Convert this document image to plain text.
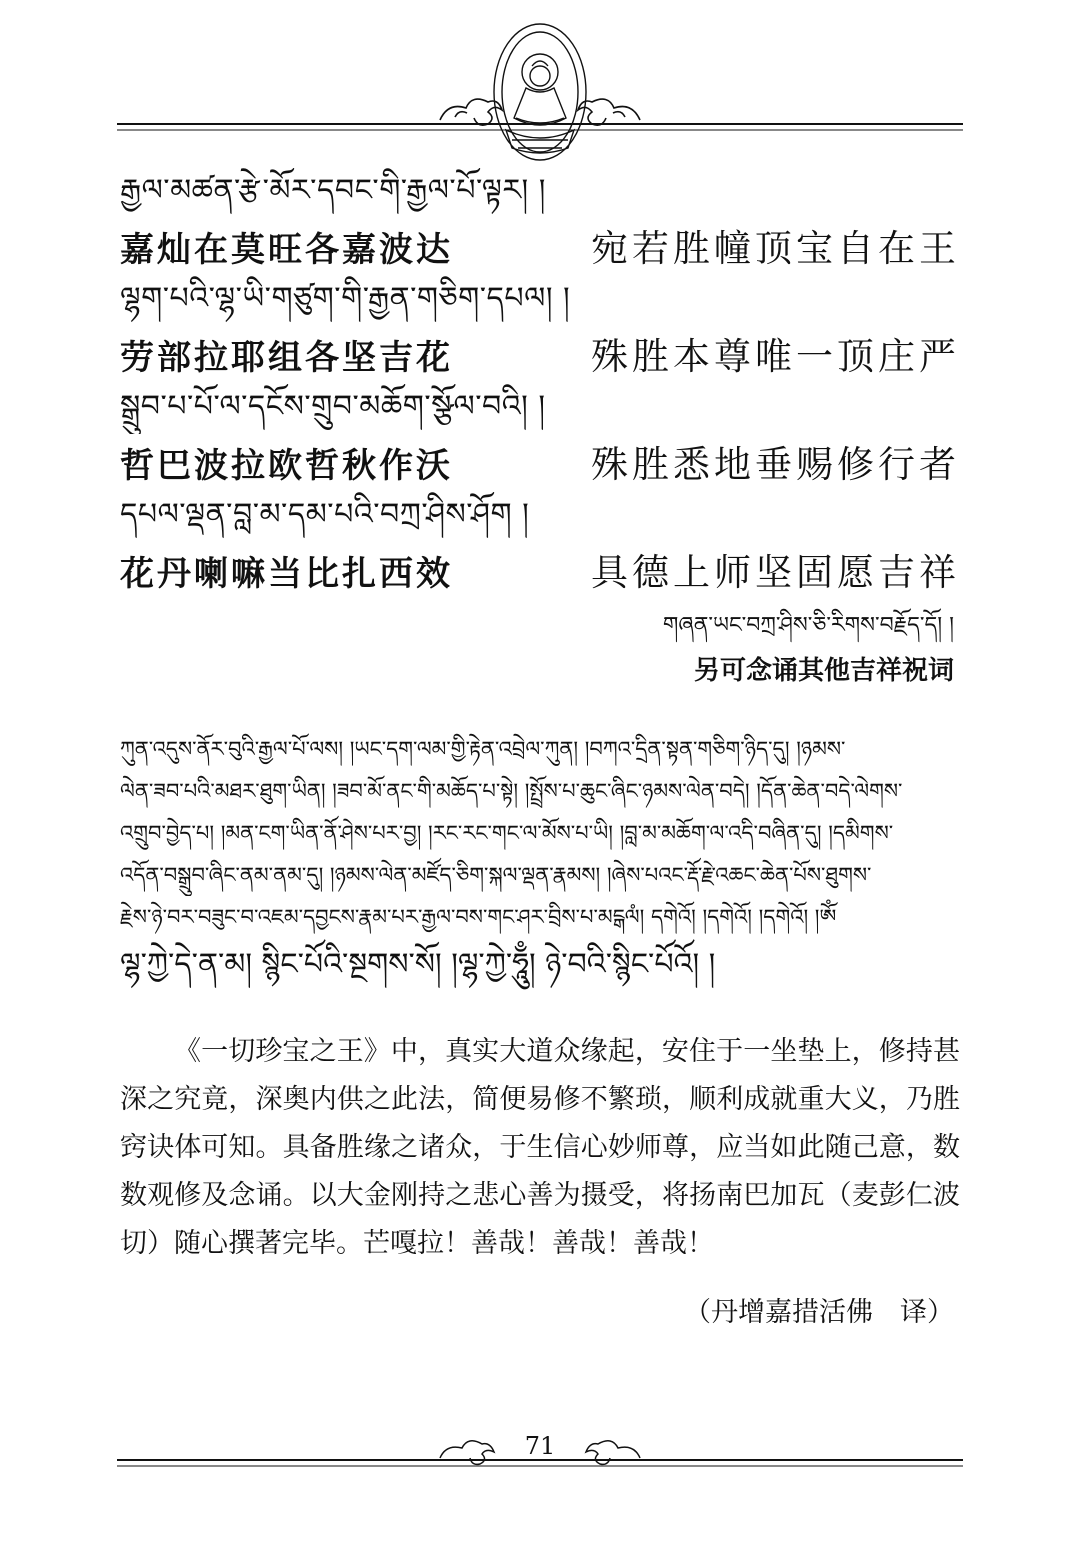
རྒྱལ་མཚན་རྩེ་མོར་དབང་གི་རྒྱལ་པོ་ལྟར། །
嘉灿在莫旺各嘉波达	宛若胜幢顶宝自在王
ལྷག་པའི་ལྷ་ཡི་གཙུག་གི་རྒྱན་གཅིག་དཔལ། །
劳部拉耶组各坚吉花	殊胜本尊唯一顶庄严
སྒྲུབ་པ་པོ་ལ་དངོས་གྲུབ་མཆོག་སྩོལ་བའི། །
哲巴波拉欧哲秋作沃	殊胜悉地垂赐修行者
དཔལ་ལྡན་བླ་མ་དམ་པའི་བཀྲ་ཤིས་ཤོག །
花丹喇嘛当比扎西效	具德上师坚固愿吉祥
གཞན་ཡང་བཀྲ་ཤིས་ཅི་རིགས་བརྗོད་དོ། །
另可念诵其他吉祥祝词
ཀུན་འདུས་ནོར་བུའི་རྒྱལ་པོ་ལས། །ཡང་དག་ལམ་གྱི་རྟེན་འབྲེལ་ཀུན། །བཀའ་དྲིན་སྟན་གཅིག་ཉིད་དུ། །ཉམས་
ལེན་ཟབ་པའི་མཐར་ཐུག་ཡིན། །ཟབ་མོ་ནང་གི་མཆོད་པ་སྟེ། །སྤྲོས་པ་ཆུང་ཞིང་ཉམས་ལེན་བདེ། །དོན་ཆེན་བདེ་ལེགས་
འགྲུབ་བྱེད་པ། །མན་ངག་ཡིན་ནོ་ཤེས་པར་བྱ། །རང་རང་གང་ལ་མོས་པ་ཡི། །བླ་མ་མཆོག་ལ་འདི་བཞིན་དུ། །དམིགས་
འདོན་བསྒྲུབ་ཞིང་ནམ་ནམ་དུ། །ཉམས་ལེན་མཛོད་ཅིག་སྐལ་ལྡན་རྣམས། །ཞེས་པའང་རྡོ་རྗེ་འཆང་ཆེན་པོས་ཐུགས་
རྗེས་ཉེ་བར་བཟུང་བ་འཇམ་དབྱངས་རྣམ་པར་རྒྱལ་བས་གང་ཤར་བྲིས་པ་མངྒལཾ། དགེའོ། །དགེའོ། །དགེའོ། །ཨོཾ
ལྷ་ཀྱེ་དེ་ན་མ། སྙིང་པོའི་སྔགས་སོ། །ལྷ་ཀྱེ་ཧཱུྃ། ཉེ་བའི་སྙིང་པོའོ། །

《一切珍宝之王》中，真实大道众缘起，安住于一坐垫上，修持甚深之究竟，深奥内供之此法，简便易修不繁琐，顺利成就重大义，乃胜窍诀体可知。具备胜缘之诸众，于生信心妙师尊，应当如此随己意，数数观修及念诵。以大金刚持之悲心善为摄受，将扬南巴加瓦（麦彭仁波切）随心撰著完毕。芒嘎拉！善哉！善哉！善哉！

（丹增嘉措活佛　译）
71
